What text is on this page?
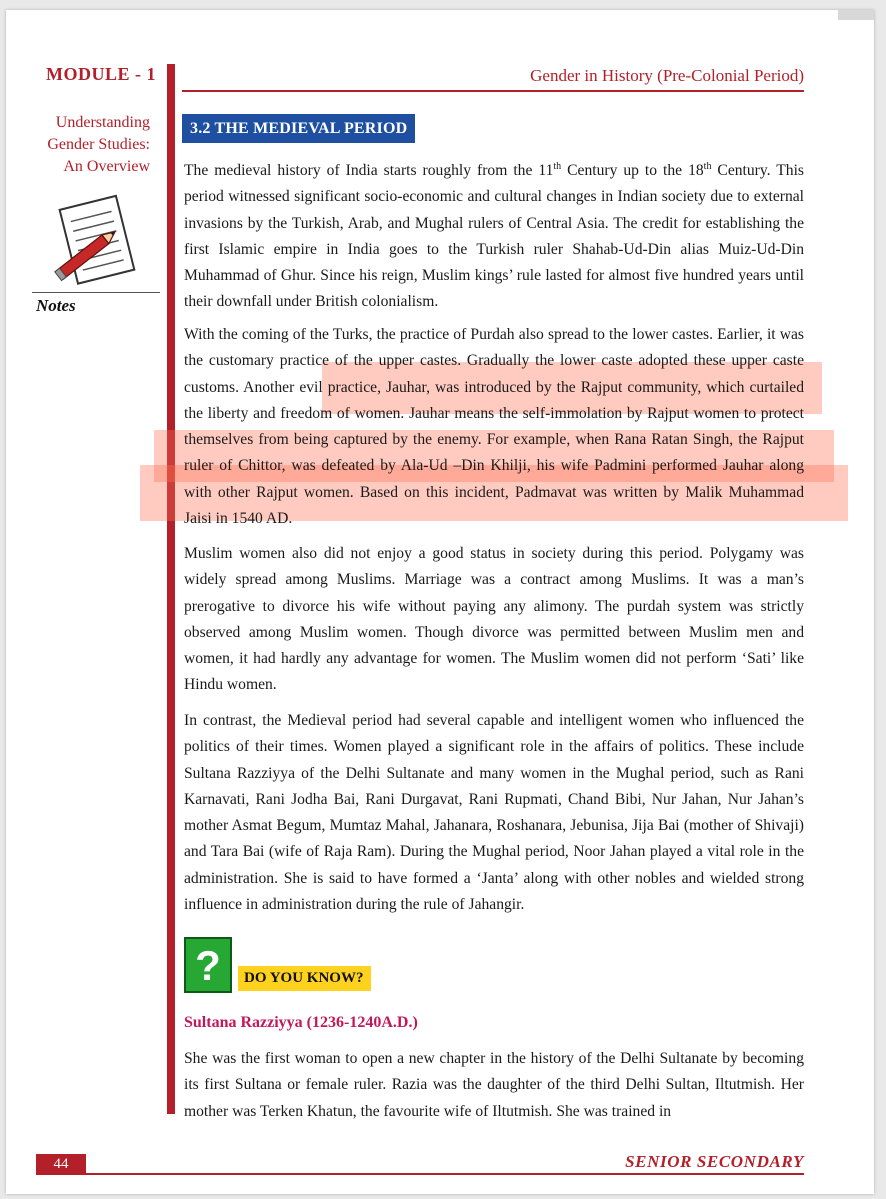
MODULE - 1
Understanding
Gender Studies:
An Overview
Notes
Gender in History (Pre-Colonial Period)
3.2 THE MEDIEVAL PERIOD

The medieval history of India starts roughly from the 11th Century up to the 18th Century. This period witnessed significant socio-economic and cultural changes in Indian society due to external invasions by the Turkish, Arab, and Mughal rulers of Central Asia. The credit for establishing the first Islamic empire in India goes to the Turkish ruler Shahab-Ud-Din alias Muiz-Ud-Din Muhammad of Ghur. Since his reign, Muslim kings’ rule lasted for almost five hundred years until their downfall under British colonialism.

With the coming of the Turks, the practice of Purdah also spread to the lower castes. Earlier, it was the customary practice of the upper castes. Gradually the lower caste adopted these upper caste customs. Another evil practice, Jauhar, was introduced by the Rajput community, which curtailed the liberty and freedom of women. Jauhar means the self-immolation by Rajput women to protect themselves from being captured by the enemy. For example, when Rana Ratan Singh, the Rajput ruler of Chittor, was defeated by Ala-Ud –Din Khilji, his wife Padmini performed Jauhar along with other Rajput women. Based on this incident, Padmavat was written by Malik Muhammad Jaisi in 1540 AD.

Muslim women also did not enjoy a good status in society during this period. Polygamy was widely spread among Muslims. Marriage was a contract among Muslims. It was a man’s prerogative to divorce his wife without paying any alimony. The purdah system was strictly observed among Muslim women. Though divorce was permitted between Muslim men and women, it had hardly any advantage for women. The Muslim women did not perform ‘Sati’ like Hindu women.

In contrast, the Medieval period had several capable and intelligent women who influenced the politics of their times. Women played a significant role in the affairs of politics. These include Sultana Razziyya of the Delhi Sultanate and many women in the Mughal period, such as Rani Karnavati, Rani Jodha Bai, Rani Durgavat, Rani Rupmati, Chand Bibi, Nur Jahan, Nur Jahan’s mother Asmat Begum, Mumtaz Mahal, Jahanara, Roshanara, Jebunisa, Jija Bai (mother of Shivaji) and Tara Bai (wife of Raja Ram). During the Mughal period, Noor Jahan played a vital role in the administration. She is said to have formed a ‘Janta’ along with other nobles and wielded strong influence in administration during the rule of Jahangir.

?	DO YOU KNOW?
Sultana Razziyya (1236-1240A.D.)

She was the first woman to open a new chapter in the history of the Delhi Sultanate by becoming its first Sultana or female ruler. Razia was the daughter of the third Delhi Sultan, Iltutmish. Her mother was Terken Khatun, the favourite wife of Iltutmish. She was trained in

44	SENIOR SECONDARY
